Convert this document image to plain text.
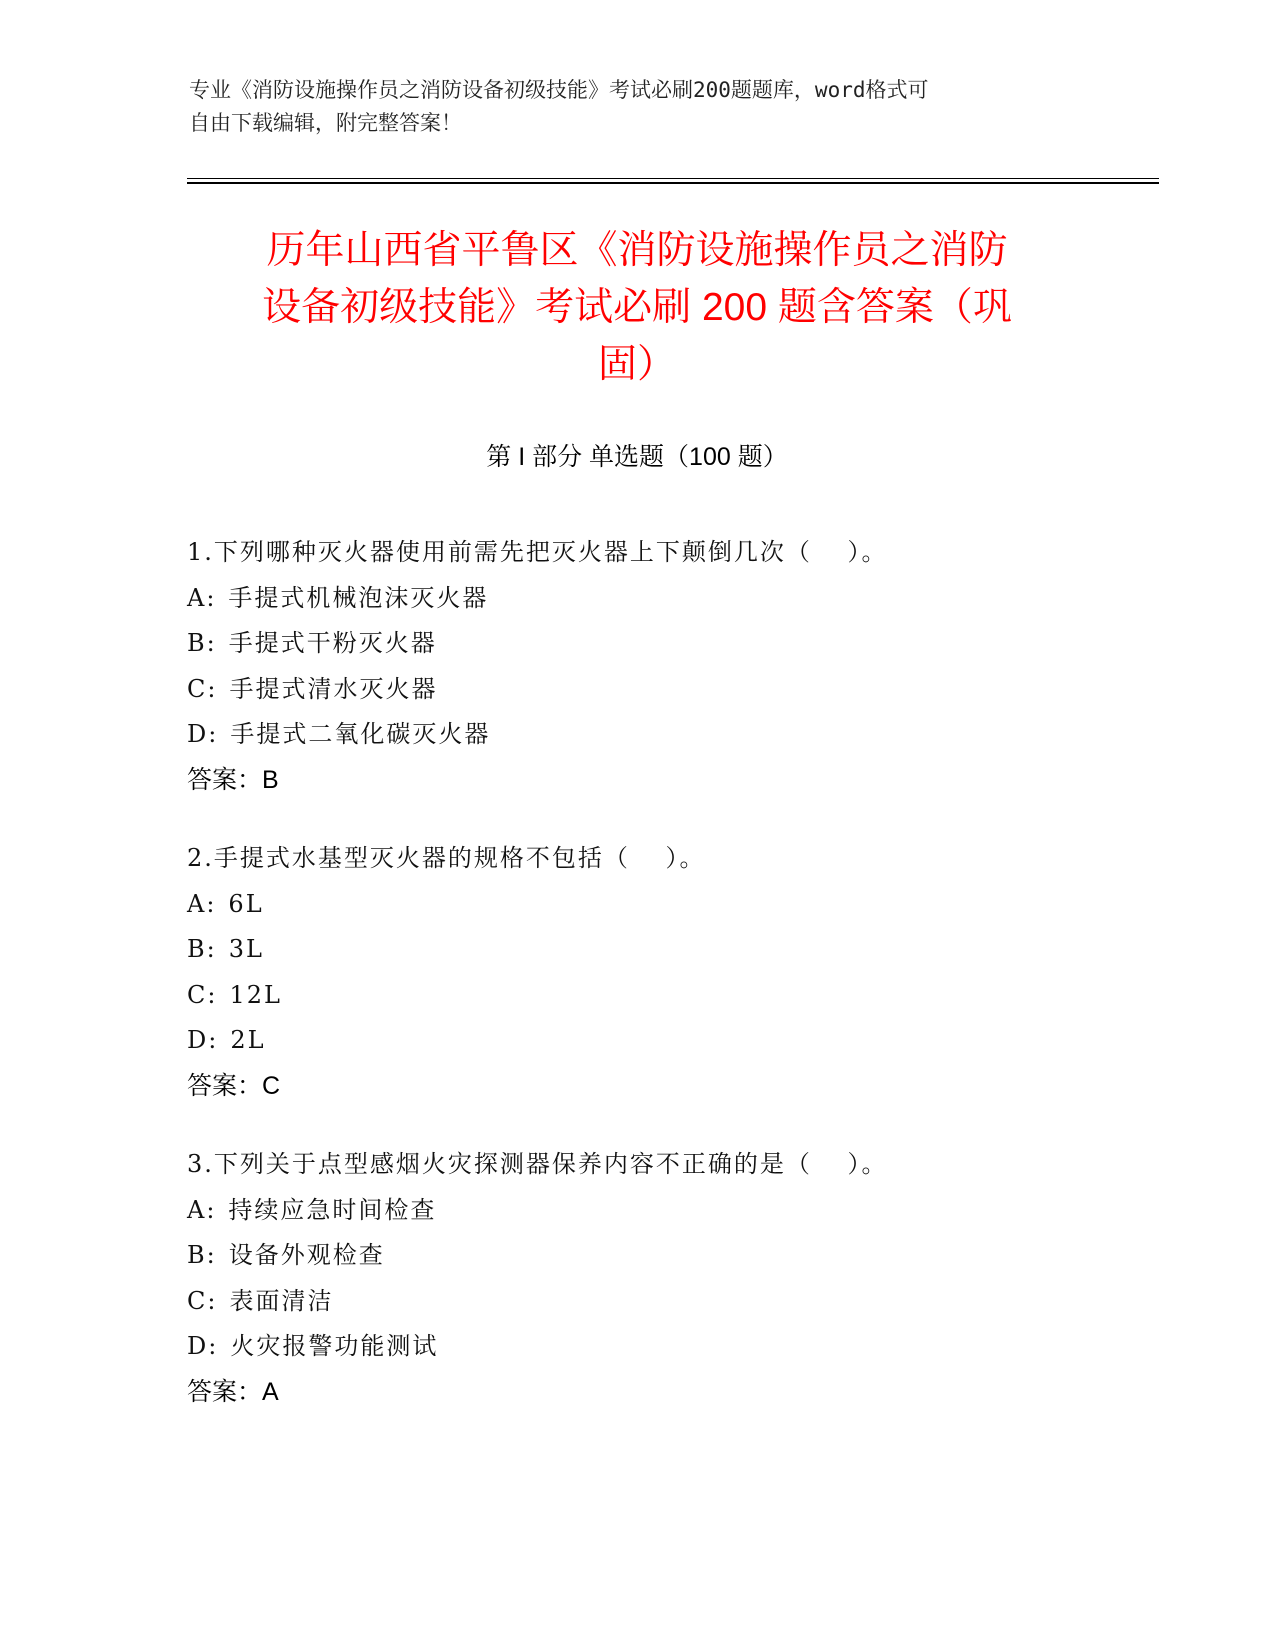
专业《消防设施操作员之消防设备初级技能》考试必刷200题题库，word格式可
自由下载编辑，附完整答案！
历年山西省平鲁区《消防设施操作员之消防
设备初级技能》考试必刷 200 题含答案（巩
固）
第 I 部分 单选题（100 题）
1.下列哪种灭火器使用前需先把灭火器上下颠倒几次（　 ）。
A: 手提式机械泡沫灭火器
B: 手提式干粉灭火器
C: 手提式清水灭火器
D: 手提式二氧化碳灭火器
答案：B
2.手提式水基型灭火器的规格不包括（　 ）。
A: 6L
B: 3L
C: 12L
D: 2L
答案：C
3.下列关于点型感烟火灾探测器保养内容不正确的是（　 ）。
A: 持续应急时间检查
B: 设备外观检查
C: 表面清洁
D: 火灾报警功能测试
答案：A
